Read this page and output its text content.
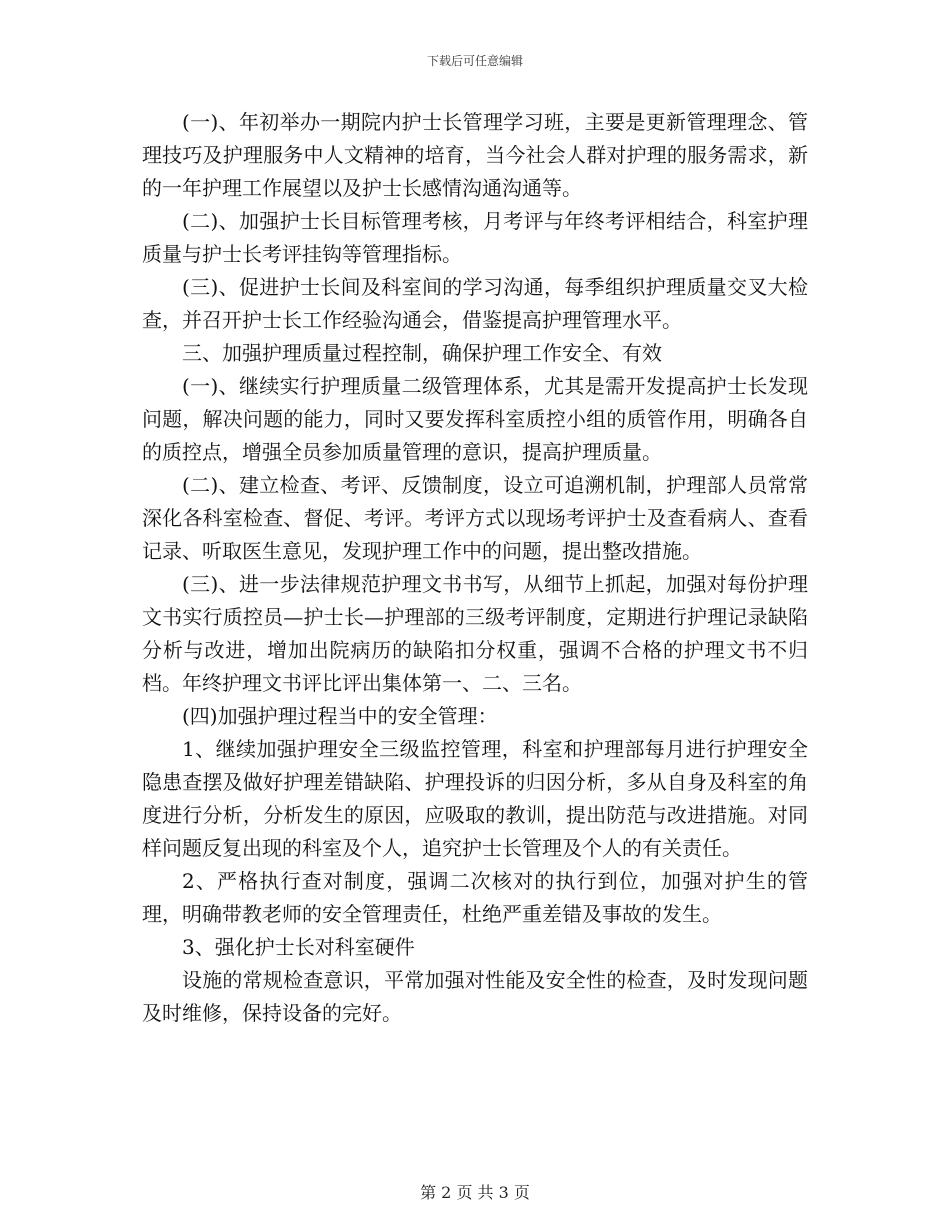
下载后可任意编辑

(一)、年初举办一期院内护士长管理学习班，主要是更新管理理念、管理技巧及护理服务中人文精神的培育，当今社会人群对护理的服务需求，新的一年护理工作展望以及护士长感情沟通沟通等。

(二)、加强护士长目标管理考核，月考评与年终考评相结合，科室护理质量与护士长考评挂钩等管理指标。

(三)、促进护士长间及科室间的学习沟通，每季组织护理质量交叉大检查，并召开护士长工作经验沟通会，借鉴提高护理管理水平。

三、加强护理质量过程控制，确保护理工作安全、有效

(一)、继续实行护理质量二级管理体系，尤其是需开发提高护士长发现问题，解决问题的能力，同时又要发挥科室质控小组的质管作用，明确各自的质控点，增强全员参加质量管理的意识，提高护理质量。

(二)、建立检查、考评、反馈制度，设立可追溯机制，护理部人员常常深化各科室检查、督促、考评。考评方式以现场考评护士及查看病人、查看记录、听取医生意见，发现护理工作中的问题，提出整改措施。

(三)、进一步法律规范护理文书书写，从细节上抓起，加强对每份护理文书实行质控员—护士长—护理部的三级考评制度，定期进行护理记录缺陷分析与改进，增加出院病历的缺陷扣分权重，强调不合格的护理文书不归档。年终护理文书评比评出集体第一、二、三名。

(四)加强护理过程当中的安全管理：

1、继续加强护理安全三级监控管理，科室和护理部每月进行护理安全隐患查摆及做好护理差错缺陷、护理投诉的归因分析，多从自身及科室的角度进行分析，分析发生的原因，应吸取的教训，提出防范与改进措施。对同样问题反复出现的科室及个人，追究护士长管理及个人的有关责任。

2、严格执行查对制度，强调二次核对的执行到位，加强对护生的管理，明确带教老师的安全管理责任，杜绝严重差错及事故的发生。

3、强化护士长对科室硬件

设施的常规检查意识，平常加强对性能及安全性的检查，及时发现问题及时维修，保持设备的完好。

第 2 页 共 3 页
